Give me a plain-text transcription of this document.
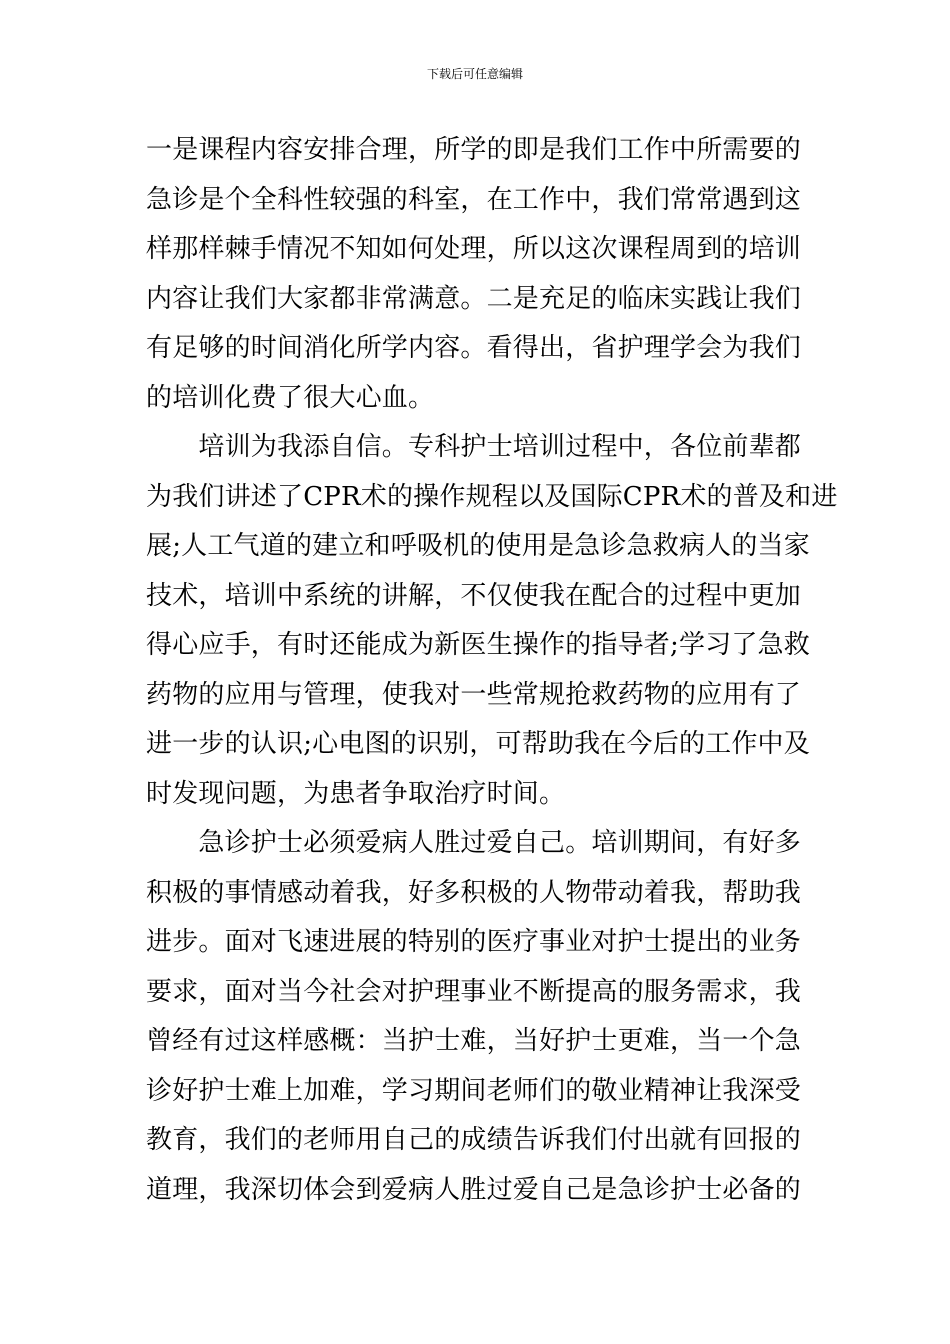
下载后可任意编辑
一是课程内容安排合理，所学的即是我们工作中所需要的
急诊是个全科性较强的科室，在工作中，我们常常遇到这
样那样棘手情况不知如何处理，所以这次课程周到的培训
内容让我们大家都非常满意。二是充足的临床实践让我们
有足够的时间消化所学内容。看得出，省护理学会为我们
的培训化费了很大心血。
　　培训为我添自信。专科护士培训过程中，各位前辈都
为我们讲述了CPR术的操作规程以及国际CPR术的普及和进
展;人工气道的建立和呼吸机的使用是急诊急救病人的当家
技术，培训中系统的讲解，不仅使我在配合的过程中更加
得心应手，有时还能成为新医生操作的指导者;学习了急救
药物的应用与管理，使我对一些常规抢救药物的应用有了
进一步的认识;心电图的识别，可帮助我在今后的工作中及
时发现问题，为患者争取治疗时间。
　　急诊护士必须爱病人胜过爱自己。培训期间，有好多
积极的事情感动着我，好多积极的人物带动着我，帮助我
进步。面对飞速进展的特别的医疗事业对护士提出的业务
要求，面对当今社会对护理事业不断提高的服务需求，我
曾经有过这样感概：当护士难，当好护士更难，当一个急
诊好护士难上加难，学习期间老师们的敬业精神让我深受
教育，我们的老师用自己的成绩告诉我们付出就有回报的
道理，我深切体会到爱病人胜过爱自己是急诊护士必备的
